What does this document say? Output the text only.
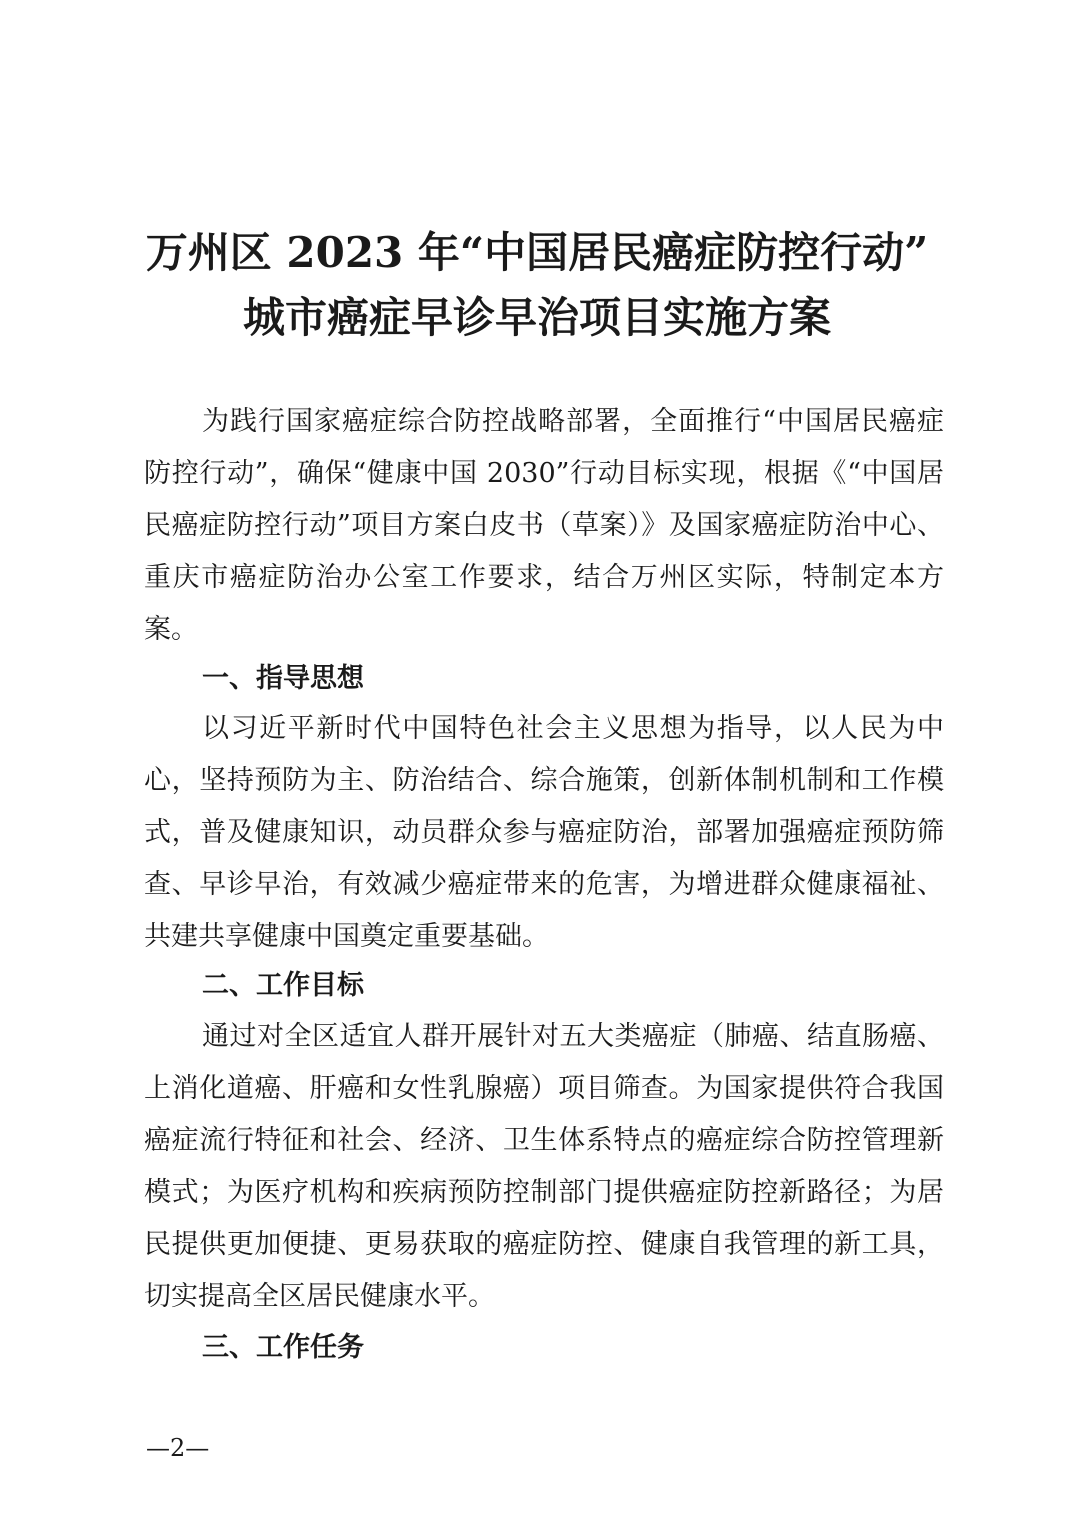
万州区 2023 年“中国居民癌症防控行动”
城市癌症早诊早治项目实施方案

为践行国家癌症综合防控战略部署，全面推行“中国居民癌症防控行动”，确保“健康中国 2030”行动目标实现，根据《“中国居民癌症防控行动”项目方案白皮书（草案）》及国家癌症防治中心、重庆市癌症防治办公室工作要求，结合万州区实际，特制定本方案。

一、指导思想

以习近平新时代中国特色社会主义思想为指导，以人民为中心，坚持预防为主、防治结合、综合施策，创新体制机制和工作模式，普及健康知识，动员群众参与癌症防治，部署加强癌症预防筛查、早诊早治，有效减少癌症带来的危害，为增进群众健康福祉、共建共享健康中国奠定重要基础。

二、工作目标

通过对全区适宜人群开展针对五大类癌症（肺癌、结直肠癌、上消化道癌、肝癌和女性乳腺癌）项目筛查。为国家提供符合我国癌症流行特征和社会、经济、卫生体系特点的癌症综合防控管理新模式；为医疗机构和疾病预防控制部门提供癌症防控新路径；为居民提供更加便捷、更易获取的癌症防控、健康自我管理的新工具，切实提高全区居民健康水平。

三、工作任务
—2—
